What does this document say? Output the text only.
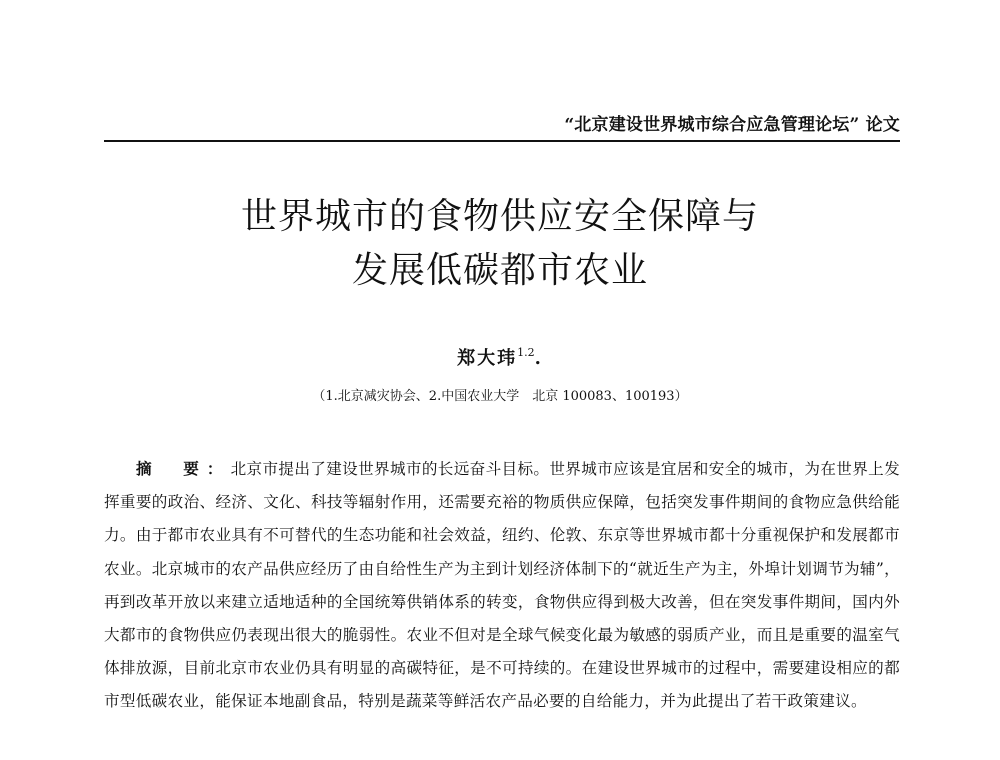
“北京建设世界城市综合应急管理论坛” 论文
世界城市的食物供应安全保障与
发展低碳都市农业
郑大玮$^{1.2}$.
（1.北京减灾协会、2.中国农业大学　北京 100083、100193）

摘　要：北京市提出了建设世界城市的长远奋斗目标。世界城市应该是宜居和安全的城市，为在世界上发挥重要的政治、经济、文化、科技等辐射作用，还需要充裕的物质供应保障，包括突发事件期间的食物应急供给能力。由于都市农业具有不可替代的生态功能和社会效益，纽约、伦敦、东京等世界城市都十分重视保护和发展都市农业。北京城市的农产品供应经历了由自给性生产为主到计划经济体制下的“就近生产为主，外埠计划调节为辅”，再到改革开放以来建立适地适种的全国统筹供销体系的转变，食物供应得到极大改善，但在突发事件期间，国内外大都市的食物供应仍表现出很大的脆弱性。农业不但对是全球气候变化最为敏感的弱质产业，而且是重要的温室气体排放源，目前北京市农业仍具有明显的高碳特征，是不可持续的。在建设世界城市的过程中，需要建设相应的都市型低碳农业，能保证本地副食品，特别是蔬菜等鲜活农产品必要的自给能力，并为此提出了若干政策建议。
